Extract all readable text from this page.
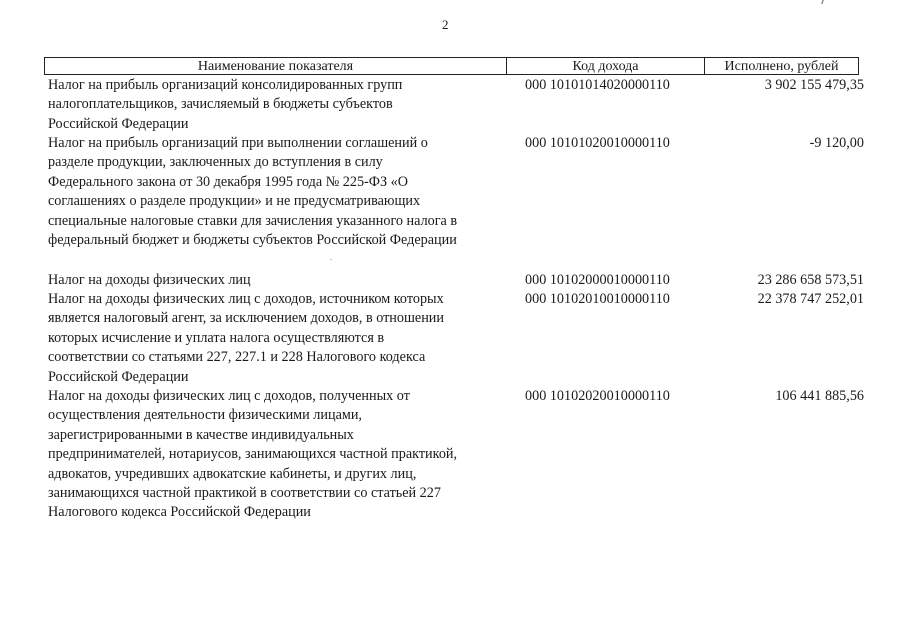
2
Наименование показателя	Код дохода	Исполнено, рублей
Налог на прибыль организаций консолидированных групп
налогоплательщиков, зачисляемый в бюджеты субъектов
Российской Федерации
000 10101014020000110	3 902 155 479,35
Налог на прибыль организаций при выполнении соглашений о
разделе продукции, заключенных до вступления в силу
Федерального закона от 30 декабря 1995 года № 225-ФЗ «О
соглашениях о разделе продукции» и не предусматривающих
специальные налоговые ставки для зачисления указанного налога в
федеральный бюджет и бюджеты субъектов Российской Федерации
000 10101020010000110	-9 120,00
Налог на доходы физических лиц	000 10102000010000110	23 286 658 573,51
Налог на доходы физических лиц с доходов, источником которых
является налоговый агент, за исключением доходов, в отношении
которых исчисление и уплата налога осуществляются в
соответствии со статьями 227, 227.1 и 228 Налогового кодекса
Российской Федерации
000 10102010010000110	22 378 747 252,01
Налог на доходы физических лиц с доходов, полученных от
осуществления деятельности физическими лицами,
зарегистрированными в качестве индивидуальных
предпринимателей, нотариусов, занимающихся частной практикой,
адвокатов, учредивших адвокатские кабинеты, и других лиц,
занимающихся частной практикой в соответствии со статьей 227
Налогового кодекса Российской Федерации
000 10102020010000110	106 441 885,56
